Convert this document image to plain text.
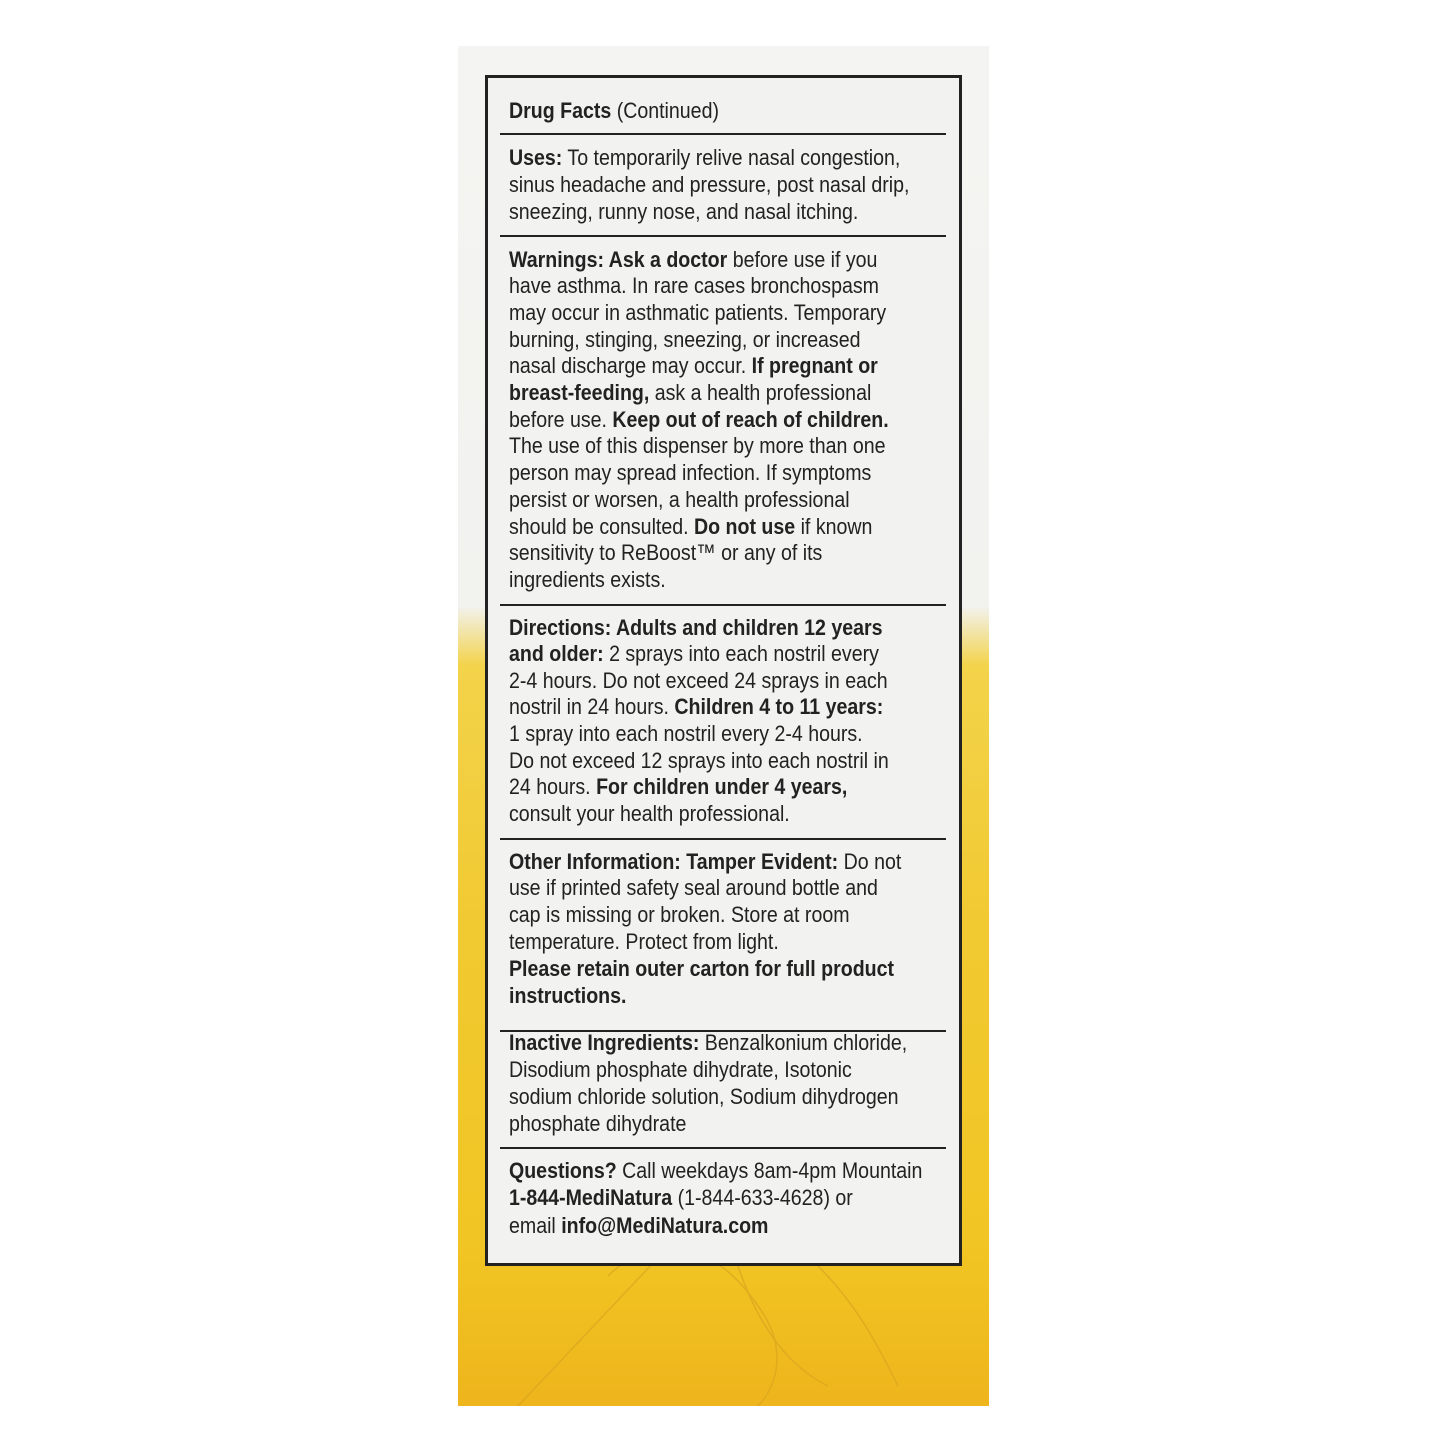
Drug Facts (Continued)
Uses: To temporarily relive nasal congestion,
sinus headache and pressure, post nasal drip,
sneezing, runny nose, and nasal itching.
Warnings: Ask a doctor before use if you
have asthma. In rare cases bronchospasm
may occur in asthmatic patients. Temporary
burning, stinging, sneezing, or increased
nasal discharge may occur. If pregnant or
breast-feeding, ask a health professional
before use. Keep out of reach of children.
The use of this dispenser by more than one
person may spread infection. If symptoms
persist or worsen, a health professional
should be consulted. Do not use if known
sensitivity to ReBoost™ or any of its
ingredients exists.
Directions: Adults and children 12 years
and older: 2 sprays into each nostril every
2-4 hours. Do not exceed 24 sprays in each
nostril in 24 hours. Children 4 to 11 years:
1 spray into each nostril every 2-4 hours.
Do not exceed 12 sprays into each nostril in
24 hours. For children under 4 years,
consult your health professional.
Other Information: Tamper Evident: Do not
use if printed safety seal around bottle and
cap is missing or broken. Store at room
temperature. Protect from light.
Please retain outer carton for full product
instructions.
Inactive Ingredients: Benzalkonium chloride,
Disodium phosphate dihydrate, Isotonic
sodium chloride solution, Sodium dihydrogen
phosphate dihydrate
Questions? Call weekdays 8am-4pm Mountain
1-844-MediNatura (1-844-633-4628) or
email info@MediNatura.com
